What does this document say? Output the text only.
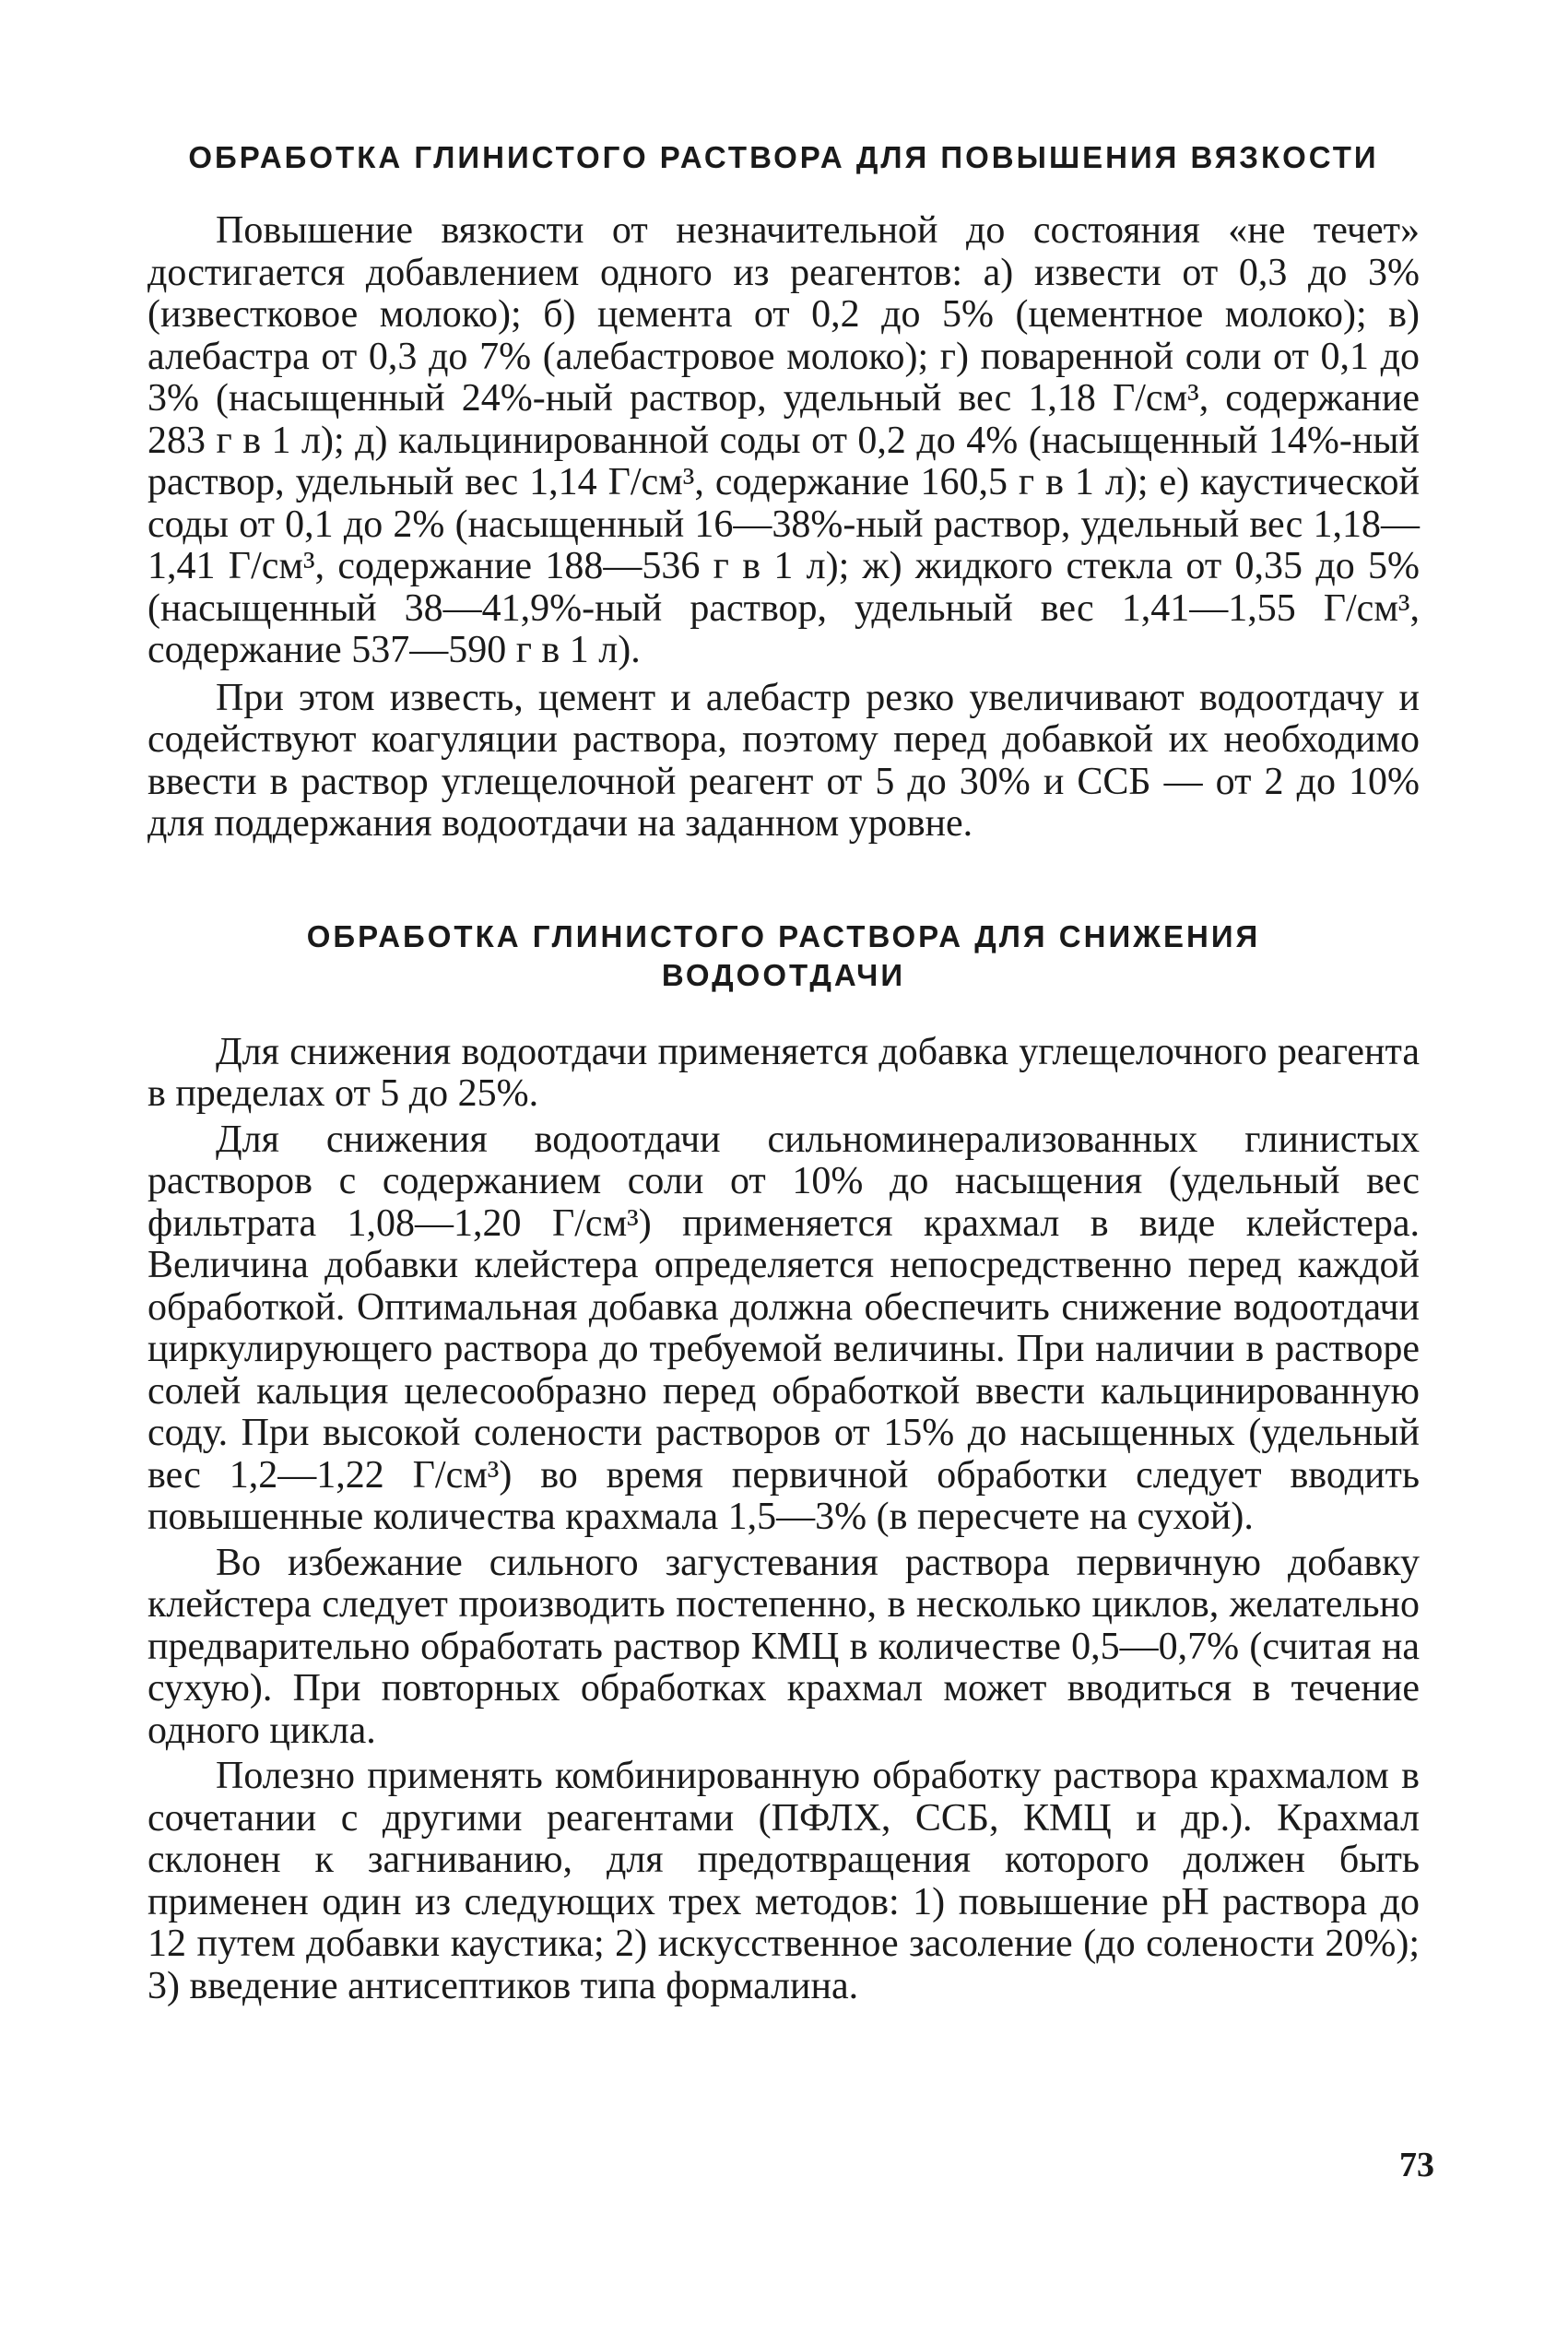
ОБРАБОТКА ГЛИНИСТОГО РАСТВОРА ДЛЯ ПОВЫШЕНИЯ ВЯЗКОСТИ

Повышение вязкости от незначительной до состояния «не течет» достигается добавлением одного из реагентов: а) извести от 0,3 до 3% (известковое молоко); б) цемента от 0,2 до 5% (цементное молоко); в) алебастра от 0,3 до 7% (алебастровое молоко); г) поваренной соли от 0,1 до 3% (насыщенный 24%-ный раствор, удельный вес 1,18 Г/см³, содержание 283 г в 1 л); д) кальцинированной соды от 0,2 до 4% (насыщенный 14%-ный раствор, удельный вес 1,14 Г/см³, содержание 160,5 г в 1 л); е) каустической соды от 0,1 до 2% (насыщенный 16—38%-ный раствор, удельный вес 1,18—1,41 Г/см³, содержание 188—536 г в 1 л); ж) жидкого стекла от 0,35 до 5% (насыщенный 38—41,9%-ный раствор, удельный вес 1,41—1,55 Г/см³, содержание 537—590 г в 1 л).

При этом известь, цемент и алебастр резко увеличивают водоотдачу и содействуют коагуляции раствора, поэтому перед добавкой их необходимо ввести в раствор углещелочной реагент от 5 до 30% и ССБ — от 2 до 10% для поддержания водоотдачи на заданном уровне.

ОБРАБОТКА ГЛИНИСТОГО РАСТВОРА ДЛЯ СНИЖЕНИЯ
ВОДООТДАЧИ

Для снижения водоотдачи применяется добавка углещелочного реагента в пределах от 5 до 25%.

Для снижения водоотдачи сильноминерализованных глинистых растворов с содержанием соли от 10% до насыщения (удельный вес фильтрата 1,08—1,20 Г/см³) применяется крахмал в виде клейстера. Величина добавки клейстера определяется непосредственно перед каждой обработкой. Оптимальная добавка должна обеспечить снижение водоотдачи циркулирующего раствора до требуемой величины. При наличии в растворе солей кальция целесообразно перед обработкой ввести кальцинированную соду. При высокой солености растворов от 15% до насыщенных (удельный вес 1,2—1,22 Г/см³) во время первичной обработки следует вводить повышенные количества крахмала 1,5—3% (в пересчете на сухой).

Во избежание сильного загустевания раствора первичную добавку клейстера следует производить постепенно, в несколько циклов, желательно предварительно обработать раствор КМЦ в количестве 0,5—0,7% (считая на сухую). При повторных обработках крахмал может вводиться в течение одного цикла.

Полезно применять комбинированную обработку раствора крахмалом в сочетании с другими реагентами (ПФЛХ, ССБ, КМЦ и др.). Крахмал склонен к загниванию, для предотвращения которого должен быть применен один из следующих трех методов: 1) повышение pH раствора до 12 путем добавки каустика; 2) искусственное засоление (до солености 20%); 3) введение антисептиков типа формалина.

73
